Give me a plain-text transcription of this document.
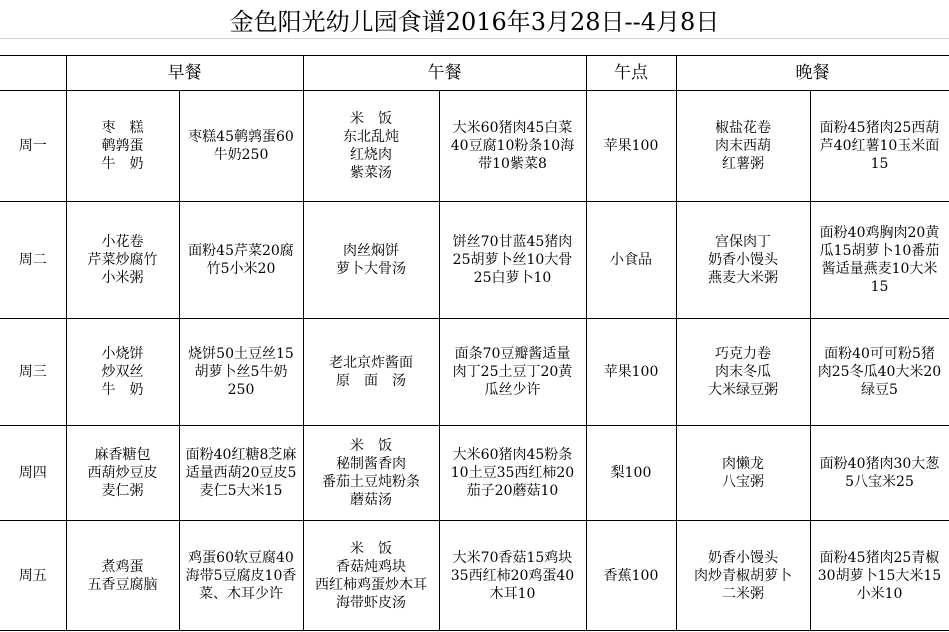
金色阳光幼儿园食谱2016年3月28日--4月8日
	早餐		午餐		午点	晚餐	
周一	枣　糕
鹌鹑蛋
牛　奶	枣糕45鹌鹑蛋60
牛奶250	米　饭
东北乱炖
红烧肉
紫菜汤	大米60猪肉45白菜
40豆腐10粉条10海
带10紫菜8	苹果100	椒盐花卷
肉末西葫
红薯粥	面粉45猪肉25西葫
芦40红薯10玉米面
15
周二	小花卷
芹菜炒腐竹
小米粥	面粉45芹菜20腐
竹5小米20	肉丝焖饼
萝卜大骨汤	饼丝70甘蓝45猪肉
25胡萝卜丝10大骨
25白萝卜10	小食品	宫保肉丁
奶香小馒头
燕麦大米粥	面粉40鸡胸肉20黄
瓜15胡萝卜10番茄
酱适量燕麦10大米
15
周三	小烧饼
炒双丝
牛　奶	烧饼50土豆丝15
胡萝卜丝5牛奶
250	老北京炸酱面
原　面　汤	面条70豆瓣酱适量
肉丁25土豆丁20黄
瓜丝少许	苹果100	巧克力卷
肉末冬瓜
大米绿豆粥	面粉40可可粉5猪
肉25冬瓜40大米20
绿豆5
周四	麻香糖包
西葫炒豆皮
麦仁粥	面粉40红糖8芝麻
适量西葫20豆皮5
麦仁5大米15	米　饭
秘制酱香肉
番茄土豆炖粉条
蘑菇汤	大米60猪肉45粉条
10土豆35西红柿20
茄子20蘑菇10	梨100	肉懒龙
八宝粥	面粉40猪肉30大葱
5八宝米25
周五	煮鸡蛋
五香豆腐脑	鸡蛋60软豆腐40
海带5豆腐皮10香
菜、木耳少许	米　饭
香菇炖鸡块
西红柿鸡蛋炒木耳
海带虾皮汤	大米70香菇15鸡块
35西红柿20鸡蛋40
木耳10	香蕉100	奶香小馒头
肉炒青椒胡萝卜
二米粥	面粉45猪肉25青椒
30胡萝卜15大米15
小米10
